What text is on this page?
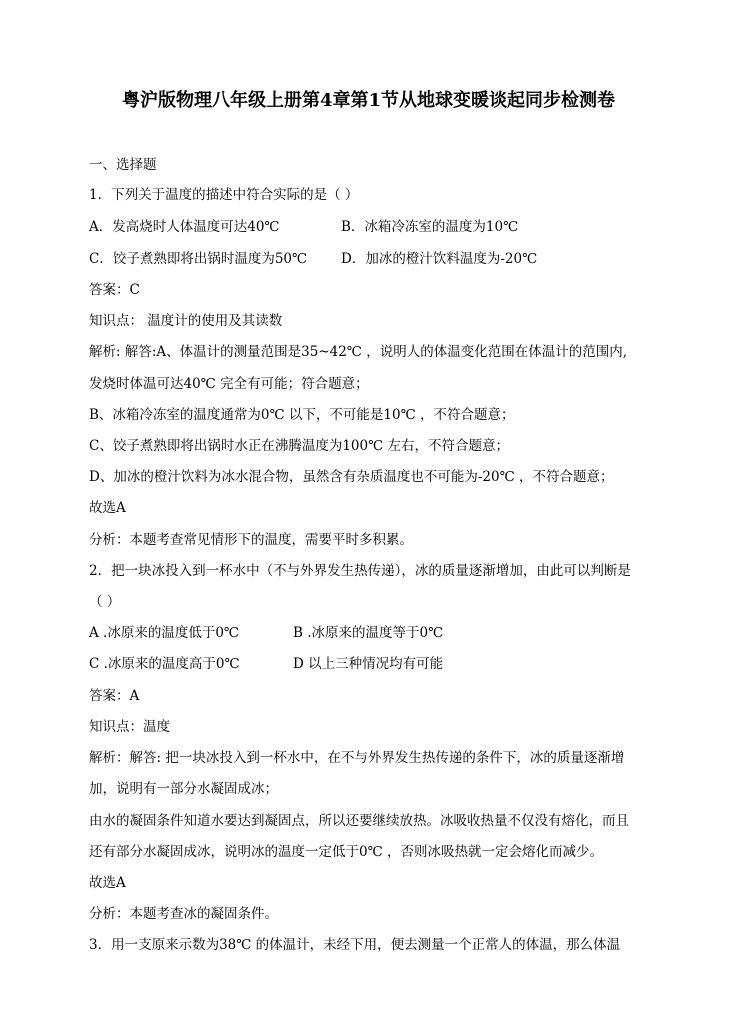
粤沪版物理八年级上册第4章第1节从地球变暖谈起同步检测卷
一、选择题
1．下列关于温度的描述中符合实际的是（ ）
A．发高烧时人体温度可达40℃	B．冰箱冷冻室的温度为10℃
C．饺子煮熟即将出锅时温度为50℃	D．加冰的橙汁饮料温度为-20℃
答案：C
知识点： 温度计的使用及其读数
解析: 解答:A、体温计的测量范围是35~42℃ ，说明人的体温变化范围在体温计的范围内,
发烧时体温可达40℃ 完全有可能；符合题意；
B、冰箱冷冻室的温度通常为0℃ 以下，不可能是10℃ ，不符合题意；
C、饺子煮熟即将出锅时水正在沸腾温度为100℃ 左右，不符合题意；
D、加冰的橙汁饮料为冰水混合物，虽然含有杂质温度也不可能为-20℃ ，不符合题意；
故选A
分析：本题考查常见情形下的温度，需要平时多积累。
2．把一块冰投入到一杯水中（不与外界发生热传递），冰的质量逐渐增加，由此可以判断是
（ ）
A .冰原来的温度低于0℃	B .冰原来的温度等于0℃
C .冰原来的温度高于0℃	D 以上三种情况均有可能
答案：A
知识点：温度
解析：解答: 把一块冰投入到一杯水中，在不与外界发生热传递的条件下，冰的质量逐渐增
加，说明有一部分水凝固成冰；
由水的凝固条件知道水要达到凝固点，所以还要继续放热。冰吸收热量不仅没有熔化，而且
还有部分水凝固成冰，说明冰的温度一定低于0℃ ，否则冰吸热就一定会熔化而减少。
故选A
分析：本题考查冰的凝固条件。
3．用一支原来示数为38℃ 的体温计，未经下用，便去测量一个正常人的体温，那么体温
